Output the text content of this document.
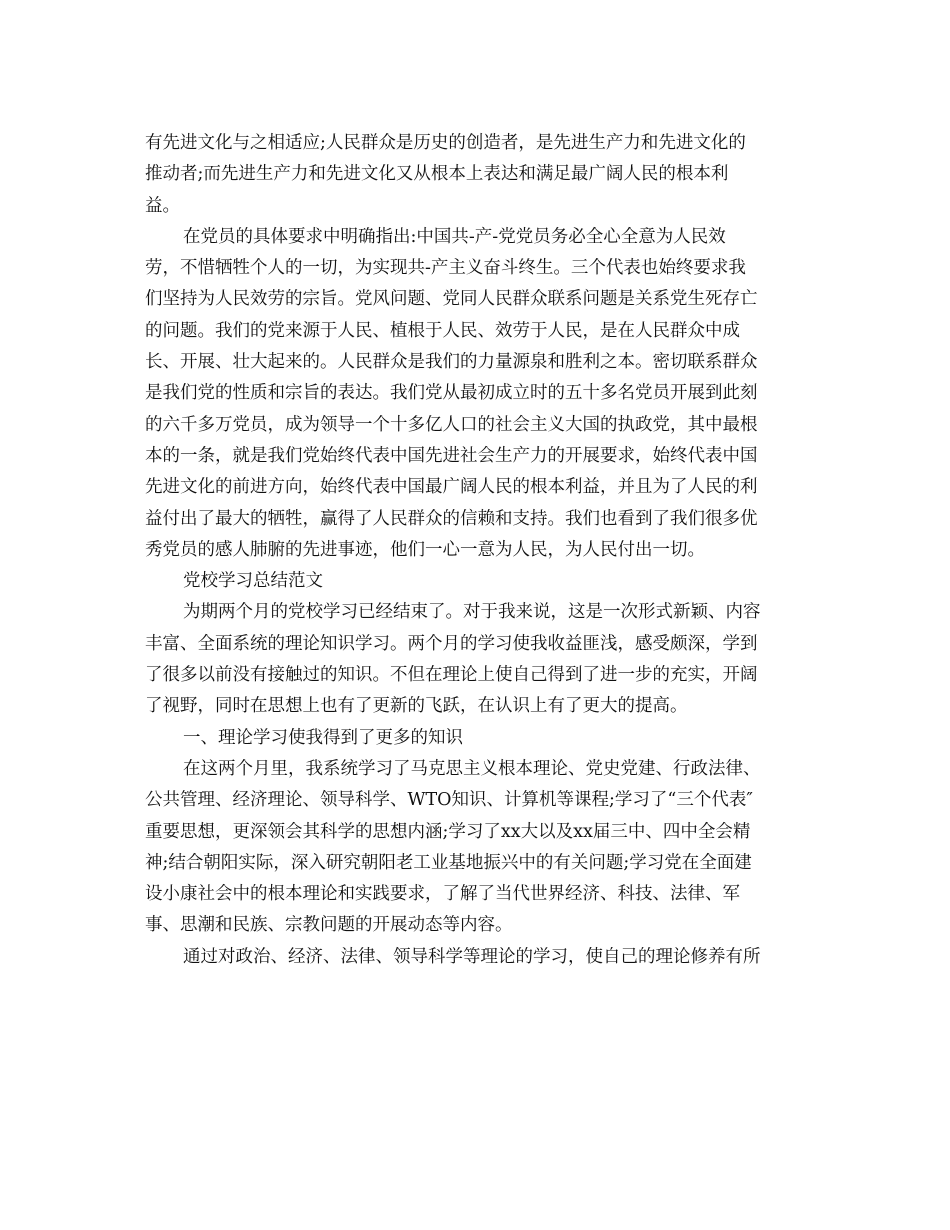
有先进文化与之相适应;人民群众是历史的创造者，是先进生产力和先进文化的
推动者;而先进生产力和先进文化又从根本上表达和满足最广阔人民的根本利
益。
在党员的具体要求中明确指出:中国共-产-党党员务必全心全意为人民效
劳，不惜牺牲个人的一切，为实现共-产主义奋斗终生。三个代表也始终要求我
们坚持为人民效劳的宗旨。党风问题、党同人民群众联系问题是关系党生死存亡
的问题。我们的党来源于人民、植根于人民、效劳于人民，是在人民群众中成
长、开展、壮大起来的。人民群众是我们的力量源泉和胜利之本。密切联系群众
是我们党的性质和宗旨的表达。我们党从最初成立时的五十多名党员开展到此刻
的六千多万党员，成为领导一个十多亿人口的社会主义大国的执政党，其中最根
本的一条，就是我们党始终代表中国先进社会生产力的开展要求，始终代表中国
先进文化的前进方向，始终代表中国最广阔人民的根本利益，并且为了人民的利
益付出了最大的牺牲，赢得了人民群众的信赖和支持。我们也看到了我们很多优
秀党员的感人肺腑的先进事迹，他们一心一意为人民，为人民付出一切。
党校学习总结范文
为期两个月的党校学习已经结束了。对于我来说，这是一次形式新颖、内容
丰富、全面系统的理论知识学习。两个月的学习使我收益匪浅，感受颇深，学到
了很多以前没有接触过的知识。不但在理论上使自己得到了进一步的充实，开阔
了视野，同时在思想上也有了更新的飞跃，在认识上有了更大的提高。
一、理论学习使我得到了更多的知识
在这两个月里，我系统学习了马克思主义根本理论、党史党建、行政法律、
公共管理、经济理论、领导科学、WTO知识、计算机等课程;学习了“三个代表″
重要思想，更深领会其科学的思想内涵;学习了xx大以及xx届三中、四中全会精
神;结合朝阳实际，深入研究朝阳老工业基地振兴中的有关问题;学习党在全面建
设小康社会中的根本理论和实践要求，了解了当代世界经济、科技、法律、军
事、思潮和民族、宗教问题的开展动态等内容。
通过对政治、经济、法律、领导科学等理论的学习，使自己的理论修养有所
